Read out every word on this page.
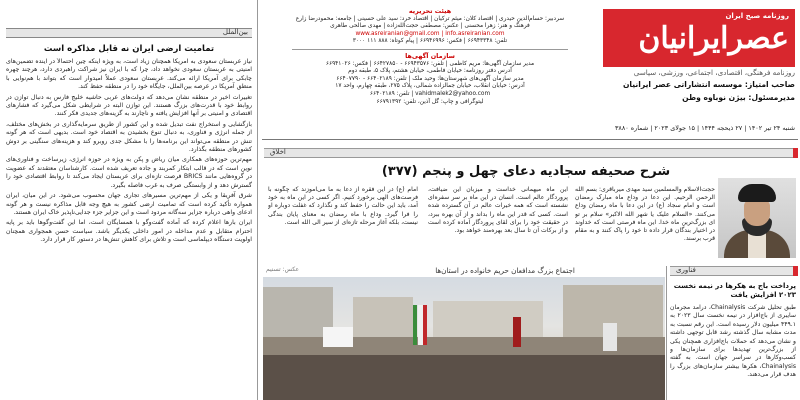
بین‌الملل
تمامیت ارضی ایران نه قابل مذاکره است

نیاز عربستان سعودی به آمریکا همچنان زیاد است، به ویژه اینکه چین احتمالاً در آینده تضمین‌های امنیتی به عربستان سعودی نخواهد داد، چرا که با ایران نیز شراکت راهبردی دارد، هرچند چهره چابکی برای آمریکا ارائه می‌کند. عربستان سعودی عملاً امیدوار است که بتواند با هم‌نوایی با منطق آمریکا در عرصه بین‌الملل، جایگاه خود را در منطقه حفظ کند.

تغییرات اخیر در منطقه نشان می‌دهد که دولت‌های عربی حاشیه خلیج فارس به دنبال توازن در روابط خود با قدرت‌های بزرگ هستند. این توازن البته در شرایطی شکل می‌گیرد که فشارهای اقتصادی و امنیتی بر آنها افزایش یافته و ناچارند به گزینه‌های جدیدی فکر کنند.

بازگشایی و استخراج نفت تبدیل شده و این کشور از طریق سرمایه‌گذاری در بخش‌های مختلف، از جمله انرژی و فناوری، به دنبال تنوع بخشیدن به اقتصاد خود است. بدیهی است که هر گونه تنش در منطقه می‌تواند این برنامه‌ها را با مشکل جدی روبرو کند و هزینه‌های سنگینی بر دوش کشورهای منطقه بگذارد.

مهم‌ترین حوزه‌های همکاری میان ریاض و پکن به ویژه در حوزه انرژی، زیرساخت و فناوری‌های نوین است که در قالب ابتکار کمربند و جاده تعریف شده است. کارشناسان معتقدند که عضویت در گروه‌هایی مانند BRICS فرصت تازه‌ای برای عربستان ایجاد می‌کند تا روابط اقتصادی خود را گسترش دهد و از وابستگی صرف به غرب فاصله بگیرد.

شرق آفریقا و یکی از مهم‌ترین مسیرهای تجاری جهان محسوب می‌شود. در این میان، ایران همواره تأکید کرده است که تمامیت ارضی کشور به هیچ وجه قابل مذاکره نیست و هر گونه ادعای واهی درباره جزایر سه‌گانه مردود است و این جزایر جزء جدایی‌ناپذیر خاک ایران هستند.

ایران بارها اعلام کرده که آماده گفت‌وگو با همسایگان است، اما این گفت‌وگوها باید بر پایه احترام متقابل و عدم مداخله در امور داخلی یکدیگر باشد. سیاست حسن همجواری همچنان اولویت دستگاه دیپلماسی است و تلاش برای کاهش تنش‌ها در دستور کار قرار دارد.

روزنامه صبح ایران
عصرایرانیان
روزنامه فرهنگی، اقتصادی، اجتماعی، ورزشی، سیاسی
صاحب امتیاز: موسسه انتشاراتی عصر ایرانیان
مدیرمسئول: بیژن نوباوه وطن
شنبه ۲۴ تیر ۱۴۰۲ | ۲۷ ذیحجه ۱۴۴۴ | ۱۵ جولای ۲۰۲۳ | شماره ۳۸۸۰
هیئت تحریریه
سردبیر: حسام‌الدین حیدری | اقتصاد کلان: میثم ترکیان | اقتصاد خرد: سید علی حسینی | جامعه: محمودرضا زارع
فرهنگ و هنر: زهرا محسنی | عکس: مصطفی حجت‌الله‌زاده | مهدی صالحی طاهری
www.asreiranian@gmail.com | info.asreiranian.com
تلفن: ۶۶۹۴۳۳۴۸ | فکس: ۶۶۹۴۶۹۹۶ | پیام کوتاه: ۸۸۸ ۱۱۱ ۳۰۰۰
سازمان آگهی‌ها
مدیر سازمان آگهی‌ها: مریم کاظمی | تلفن: ۶۶۹۴۳۵۷۶ - ۶۶۴۲۷۸۵۰ | فکس: ۶۶۹۴۱۰۲۶
آدرس دفتر روزنامه: خیابان فاطمی، خیابان هشتم، پلاک ۵، طبقه دوم
مدیر سازمان آگهی‌های شهرستان‌ها: وحید ملک | تلفن: ۶۶۴۰۲۱۸۹ - ۶۶۴۰۷۷۹۰
آدرس: خیابان انقلاب، خیابان جمالزاده شمالی، پلاک ۲۷۵، طبقه چهارم، واحد ۱۷
vahidmalek2@yahoo.com | تلفن: ۶۶۴۰۲۱۸۹
لیتوگرافی و چاپ: گل آذین، تلفن: ۶۶۷۹۱۳۹۲
اخلاق
شرح صحیفه سجادیه دعای چهل و پنجم (۳۷۷)
حجت‌الاسلام والمسلمین سید مهدی میرباقری: بسم الله الرحمن الرحیم. این دعا در وداع ماه مبارک رمضان است و امام سجاد (ع) در این دعا با ماه رمضان وداع می‌کنند. «السلام علیک یا شهر الله الاکبر» سلام بر تو ای بزرگ‌ترین ماه خدا. این ماه فرصتی است که خداوند در اختیار بندگان قرار داده تا خود را پاک کنند و به مقام قرب برسند.
این ماه میهمانی خداست و میزبان این ضیافت، پروردگار عالم است. انسان در این ماه بر سر سفره‌ای نشسته است که همه خیرات عالم در آن گسترده شده است. کسی که قدر این ماه را بداند و از آن بهره ببرد، در حقیقت خود را برای لقای پروردگار آماده کرده است و از برکات آن تا سال بعد بهره‌مند خواهد بود.
امام (ع) در این فقره از دعا به ما می‌آموزند که چگونه با فرصت‌های الهی برخورد کنیم. اگر کسی در این ماه به خود آمد، باید این حالت را حفظ کند و نگذارد که غفلت دوباره او را فرا گیرد. وداع با ماه رمضان به معنای پایان بندگی نیست، بلکه آغاز مرحله تازه‌ای از سیر الی الله است.
اجتماع بزرگ مدافعان حریم خانواده در استان‌ها
عکس: تسنیم	فناوری
پرداخت باج به هکرها در نیمه نخست ۲۰۲۳ افزایش یافت
طبق تحلیل شرکت Chainalysis، درآمد مجرمان سایبری از باج‌افزار در نیمه نخست سال ۲۰۲۳ به ۴۴۹.۱ میلیون دلار رسیده است. این رقم نسبت به مدت مشابه سال گذشته رشد قابل توجهی داشته و نشان می‌دهد که حملات باج‌افزاری همچنان یکی از بزرگ‌ترین تهدیدها برای سازمان‌ها و کسب‌وکارها در سراسر جهان است. به گفته Chainalysis، هکرها بیشتر سازمان‌های بزرگ را هدف قرار می‌دهند.
